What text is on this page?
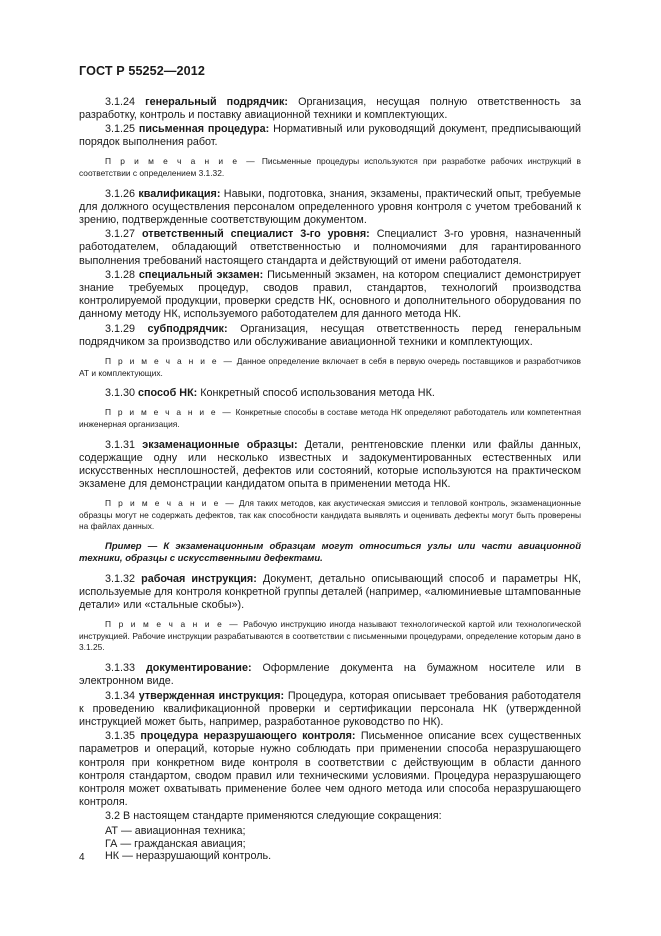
ГОСТ Р 55252—2012

3.1.24 генеральный подрядчик: Организация, несущая полную ответственность за разработку, контроль и поставку авиационной техники и комплектующих.

3.1.25 письменная процедура: Нормативный или руководящий документ, предписывающий порядок выполнения работ.

П р и м е ч а н и е — Письменные процедуры используются при разработке рабочих инструкций в соответствии с определением 3.1.32.

3.1.26 квалификация: Навыки, подготовка, знания, экзамены, практический опыт, требуемые для должного осуществления персоналом определенного уровня контроля с учетом требований к зрению, подтвержденные соответствующим документом.

3.1.27 ответственный специалист 3-го уровня: Специалист 3-го уровня, назначенный работодателем, обладающий ответственностью и полномочиями для гарантированного выполнения требований настоящего стандарта и действующий от имени работодателя.

3.1.28 специальный экзамен: Письменный экзамен, на котором специалист демонстрирует знание требуемых процедур, сводов правил, стандартов, технологий производства контролируемой продукции, проверки средств НК, основного и дополнительного оборудования по данному методу НК, используемого работодателем для данного метода НК.

3.1.29 субподрядчик: Организация, несущая ответственность перед генеральным подрядчиком за производство или обслуживание авиационной техники и комплектующих.

П р и м е ч а н и е — Данное определение включает в себя в первую очередь поставщиков и разработчиков АТ и комплектующих.

3.1.30 способ НК: Конкретный способ использования метода НК.

П р и м е ч а н и е — Конкретные способы в составе метода НК определяют работодатель или компетентная инженерная организация.

3.1.31 экзаменационные образцы: Детали, рентгеновские пленки или файлы данных, содержащие одну или несколько известных и задокументированных естественных или искусственных несплошностей, дефектов или состояний, которые используются на практическом экзамене для демонстрации кандидатом опыта в применении метода НК.

П р и м е ч а н и е — Для таких методов, как акустическая эмиссия и тепловой контроль, экзаменационные образцы могут не содержать дефектов, так как способности кандидата выявлять и оценивать дефекты могут быть проверены на файлах данных.

Пример — К экзаменационным образцам могут относиться узлы или части авиационной техники, образцы с искусственными дефектами.

3.1.32 рабочая инструкция: Документ, детально описывающий способ и параметры НК, используемые для контроля конкретной группы деталей (например, «алюминиевые штампованные детали» или «стальные скобы»).

П р и м е ч а н и е — Рабочую инструкцию иногда называют технологической картой или технологической инструкцией. Рабочие инструкции разрабатываются в соответствии с письменными процедурами, определение которым дано в 3.1.25.

3.1.33 документирование: Оформление документа на бумажном носителе или в электронном виде.

3.1.34 утвержденная инструкция: Процедура, которая описывает требования работодателя к проведению квалификационной проверки и сертификации персонала НК (утвержденной инструкцией может быть, например, разработанное руководство по НК).

3.1.35 процедура неразрушающего контроля: Письменное описание всех существенных параметров и операций, которые нужно соблюдать при применении способа неразрушающего контроля при конкретном виде контроля в соответствии с действующим в области данного контроля стандартом, сводом правил или техническими условиями. Процедура неразрушающего контроля может охватывать применение более чем одного метода или способа неразрушающего контроля.

3.2 В настоящем стандарте применяются следующие сокращения:

АТ — авиационная техника;

ГА — гражданская авиация;

НК — неразрушающий контроль.

4
